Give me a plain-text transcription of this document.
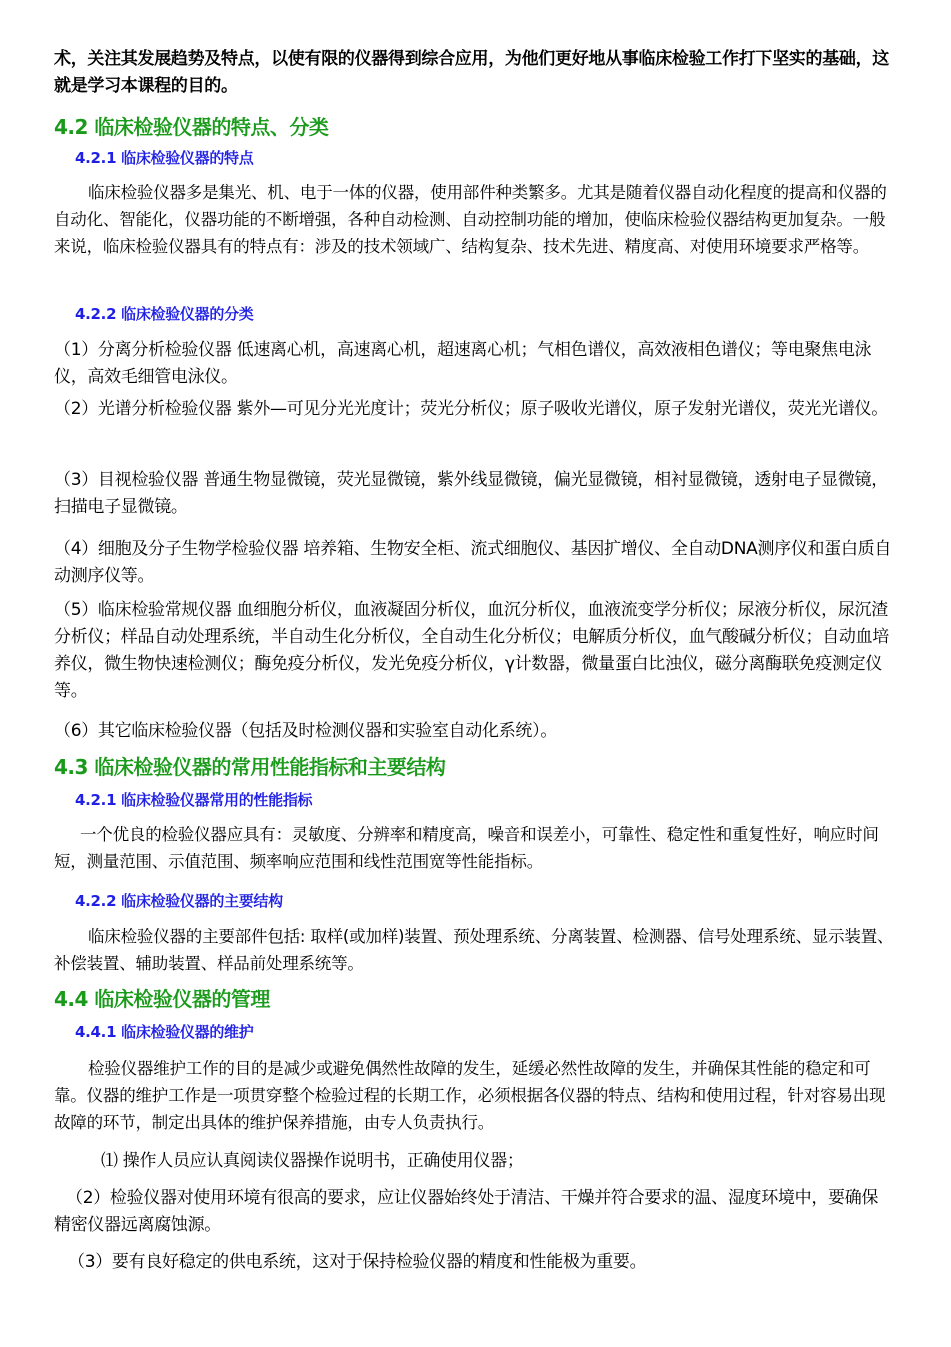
术，关注其发展趋势及特点，以使有限的仪器得到综合应用，为他们更好地从事临床检验工作打下坚实的基础，这就是学习本课程的目的。

4.2 临床检验仪器的特点、分类
4.2.1 临床检验仪器的特点

临床检验仪器多是集光、机、电于一体的仪器，使用部件种类繁多。尤其是随着仪器自动化程度的提高和仪器的自动化、智能化，仪器功能的不断增强，各种自动检测、自动控制功能的增加，使临床检验仪器结构更加复杂。一般来说，临床检验仪器具有的特点有：涉及的技术领域广、结构复杂、技术先进、精度高、对使用环境要求严格等。

4.2.2 临床检验仪器的分类

（1）分离分析检验仪器 低速离心机，高速离心机，超速离心机；气相色谱仪，高效液相色谱仪；等电聚焦电泳仪，高效毛细管电泳仪。

（2）光谱分析检验仪器 紫外—可见分光光度计；荧光分析仪；原子吸收光谱仪，原子发射光谱仪，荧光光谱仪。

（3）目视检验仪器 普通生物显微镜，荧光显微镜，紫外线显微镜，偏光显微镜，相衬显微镜，透射电子显微镜，扫描电子显微镜。

（4）细胞及分子生物学检验仪器 培养箱、生物安全柜、流式细胞仪、基因扩增仪、全自动DNA测序仪和蛋白质自动测序仪等。

（5）临床检验常规仪器 血细胞分析仪，血液凝固分析仪，血沉分析仪，血液流变学分析仪；尿液分析仪，尿沉渣分析仪；样品自动处理系统，半自动生化分析仪，全自动生化分析仪；电解质分析仪，血气酸碱分析仪；自动血培养仪，微生物快速检测仪；酶免疫分析仪，发光免疫分析仪，γ计数器，微量蛋白比浊仪，磁分离酶联免疫测定仪等。

（6）其它临床检验仪器（包括及时检测仪器和实验室自动化系统）。

4.3 临床检验仪器的常用性能指标和主要结构
4.2.1 临床检验仪器常用的性能指标

一个优良的检验仪器应具有：灵敏度、分辨率和精度高，噪音和误差小，可靠性、稳定性和重复性好，响应时间短，测量范围、示值范围、频率响应范围和线性范围宽等性能指标。

4.2.2 临床检验仪器的主要结构

临床检验仪器的主要部件包括: 取样(或加样)装置、预处理系统、分离装置、检测器、信号处理系统、显示装置、补偿装置、辅助装置、样品前处理系统等。

4.4 临床检验仪器的管理
4.4.1 临床检验仪器的维护

检验仪器维护工作的目的是减少或避免偶然性故障的发生，延缓必然性故障的发生，并确保其性能的稳定和可靠。仪器的维护工作是一项贯穿整个检验过程的长期工作，必须根据各仪器的特点、结构和使用过程，针对容易出现故障的环节，制定出具体的维护保养措施，由专人负责执行。

⑴ 操作人员应认真阅读仪器操作说明书，正确使用仪器；

（2）检验仪器对使用环境有很高的要求，应让仪器始终处于清洁、干燥并符合要求的温、湿度环境中，要确保精密仪器远离腐蚀源。

（3）要有良好稳定的供电系统，这对于保持检验仪器的精度和性能极为重要。
